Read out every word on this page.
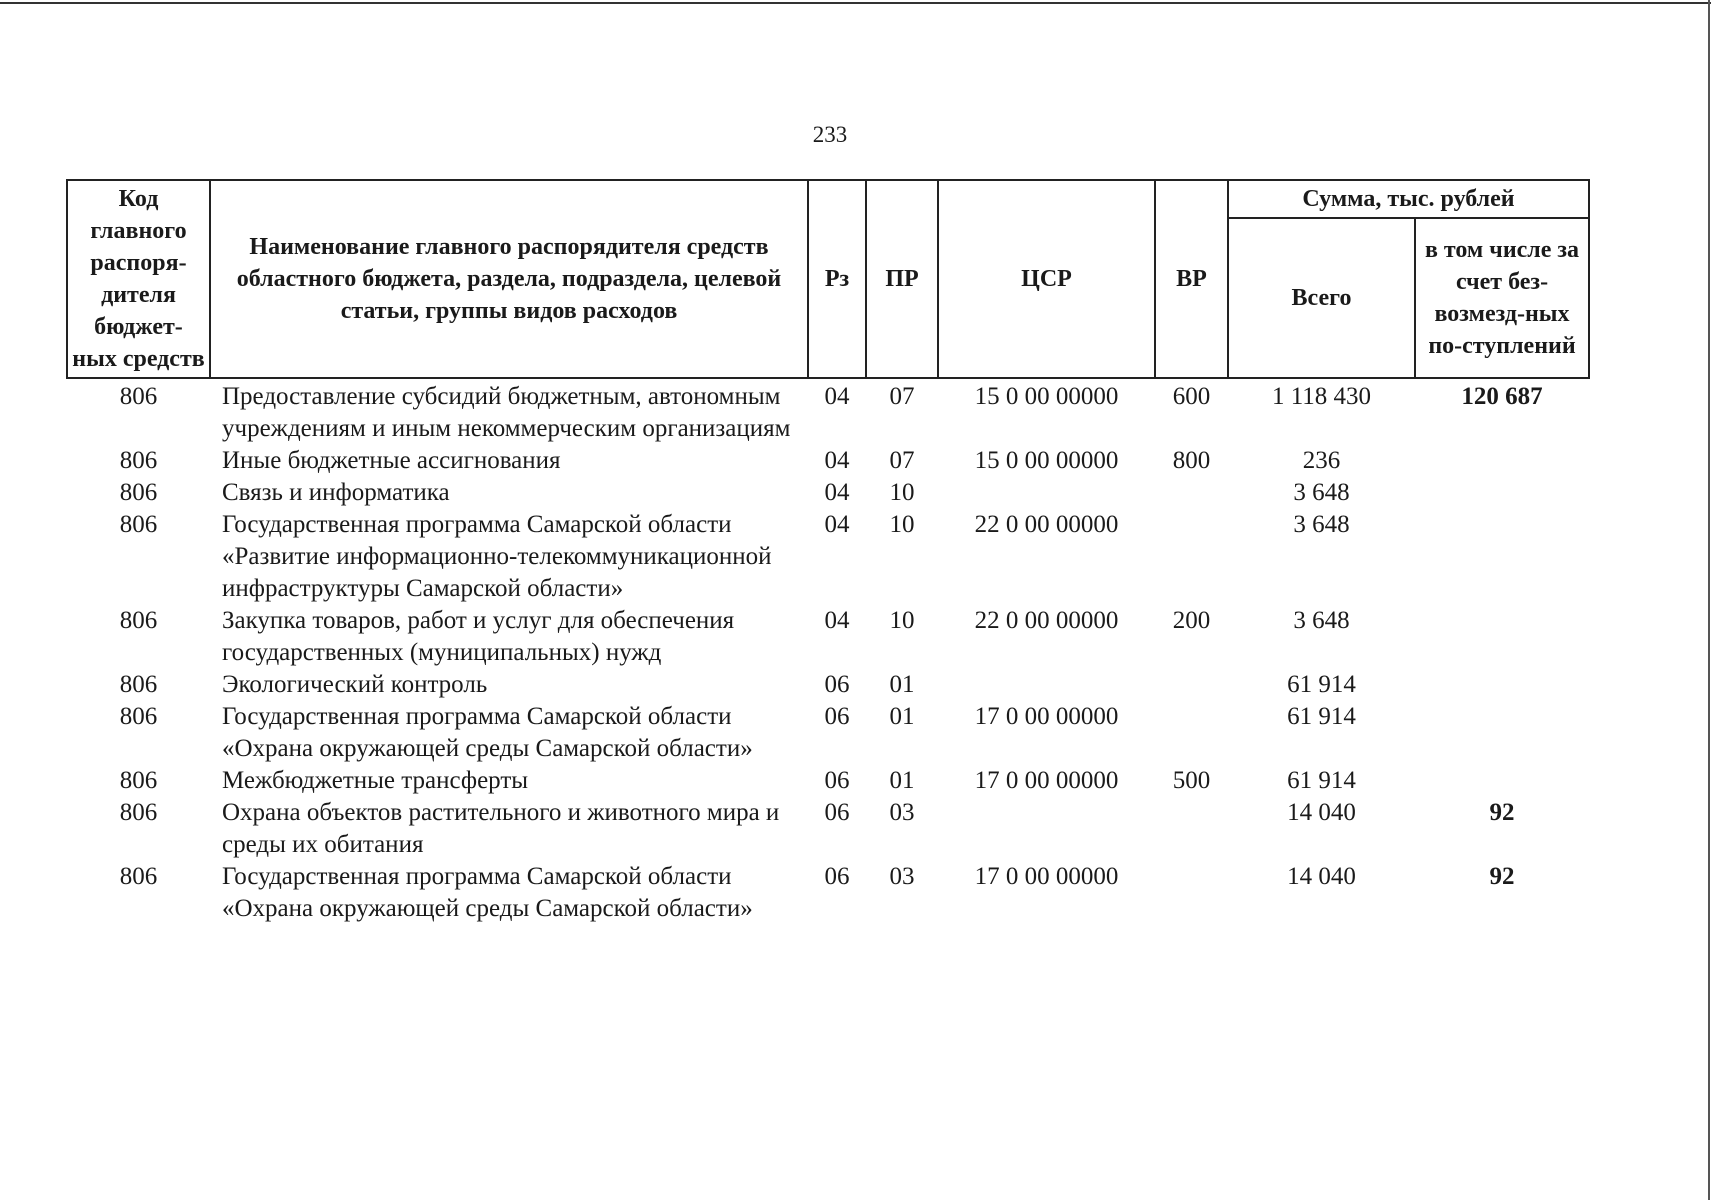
233
Код главного распоря-дителя бюджет-ных средств	Наименование главного распорядителя средств областного бюджета, раздела, подраздела, целевой статьи, группы видов расходов	Рз	ПР	ЦСР	ВР	Сумма, тыс. рублей	
						Всего	в том числе за счет без-возмезд-ных по-ступлений
806	Предоставление субсидий бюджетным, автономным учреждениям и иным некоммерческим организациям	04	07	15 0 00 00000	600	1 118 430	120 687
806	Иные бюджетные ассигнования	04	07	15 0 00 00000	800	236	
806	Связь и информатика	04	10			3 648	
806	Государственная программа Самарской области «Развитие информационно-телекоммуникационной инфраструктуры Самарской области»	04	10	22 0 00 00000		3 648	
806	Закупка товаров, работ и услуг для обеспечения государственных (муниципальных) нужд	04	10	22 0 00 00000	200	3 648	
806	Экологический контроль	06	01			61 914	
806	Государственная программа Самарской области «Охрана окружающей среды Самарской области»	06	01	17 0 00 00000		61 914	
806	Межбюджетные трансферты	06	01	17 0 00 00000	500	61 914	
806	Охрана объектов растительного и животного мира и среды их обитания	06	03			14 040	92
806	Государственная программа Самарской области «Охрана окружающей среды Самарской области»	06	03	17 0 00 00000		14 040	92
